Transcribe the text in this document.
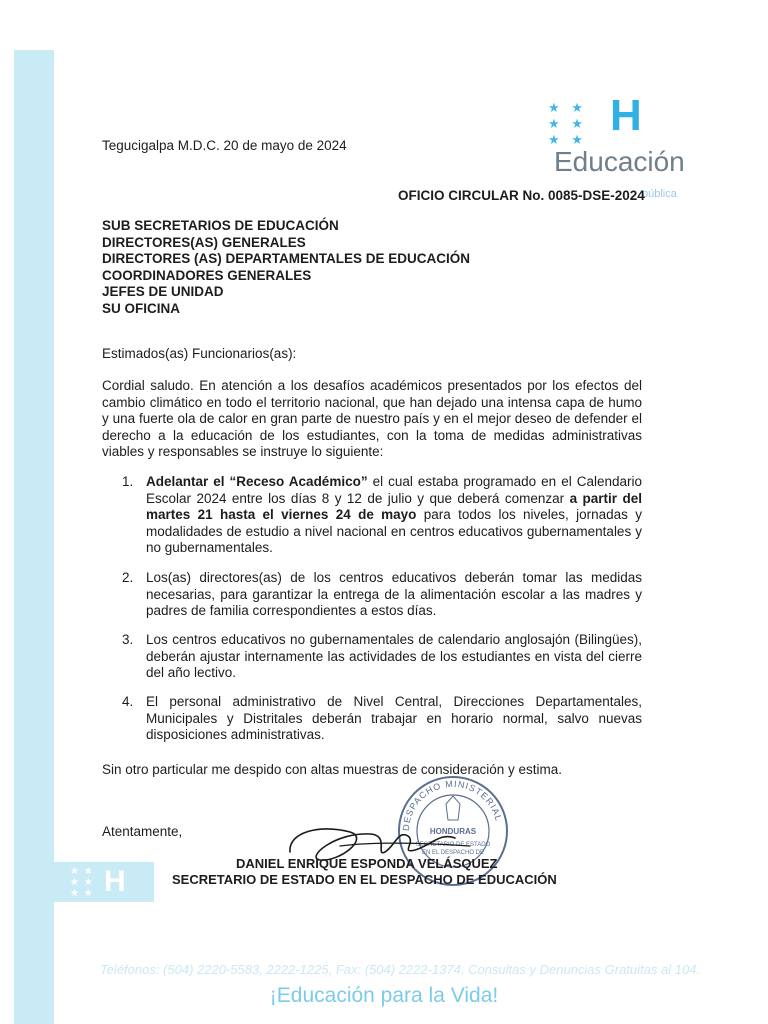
★ ★ ★ ★ ★ ★ H
★ ★ ★ ★ ★ ★ H
Educación
pública
Tegucigalpa M.D.C. 20 de mayo de 2024
OFICIO CIRCULAR No. 0085-DSE-2024
SUB SECRETARIOS DE EDUCACIÓN
DIRECTORES(AS) GENERALES
DIRECTORES (AS) DEPARTAMENTALES DE EDUCACIÓN
COORDINADORES GENERALES
JEFES DE UNIDAD
SU OFICINA
Estimados(as) Funcionarios(as):
Cordial saludo. En atención a los desafíos académicos presentados por los efectos del cambio climático en todo el territorio nacional, que han dejado una intensa capa de humo y una fuerte ola de calor en gran parte de nuestro país y en el mejor deseo de defender el derecho a la educación de los estudiantes, con la toma de medidas administrativas viables y responsables se instruye lo siguiente:
1. Adelantar el “Receso Académico” el cual estaba programado en el Calendario Escolar 2024 entre los días 8 y 12 de julio y que deberá comenzar a partir del martes 21 hasta el viernes 24 de mayo para todos los niveles, jornadas y modalidades de estudio a nivel nacional en centros educativos gubernamentales y no gubernamentales.
2. Los(as) directores(as) de los centros educativos deberán tomar las medidas necesarias, para garantizar la entrega de la alimentación escolar a las madres y padres de familia correspondientes a estos días.
3. Los centros educativos no gubernamentales de calendario anglosajón (Bilingües), deberán ajustar internamente las actividades de los estudiantes en vista del cierre del año lectivo.
4. El personal administrativo de Nivel Central, Direcciones Departamentales, Municipales y Distritales deberán trabajar en horario normal, salvo nuevas disposiciones administrativas.
Sin otro particular me despido con altas muestras de consideración y estima.
Atentamente,	DESPACHO MINISTERIAL
HONDURAS
SECRETARIO DE ESTADO
EN EL DESPACHO DE
DANIEL ENRIQUE ESPONDA VELÁSQUEZ
SECRETARIO DE ESTADO EN EL DESPACHO DE EDUCACIÓN
Teléfonos: (504) 2220-5583, 2222-1225, Fax: (504) 2222-1374, Consultas y Denuncias Gratuitas al 104.
¡Educación para la Vida!
